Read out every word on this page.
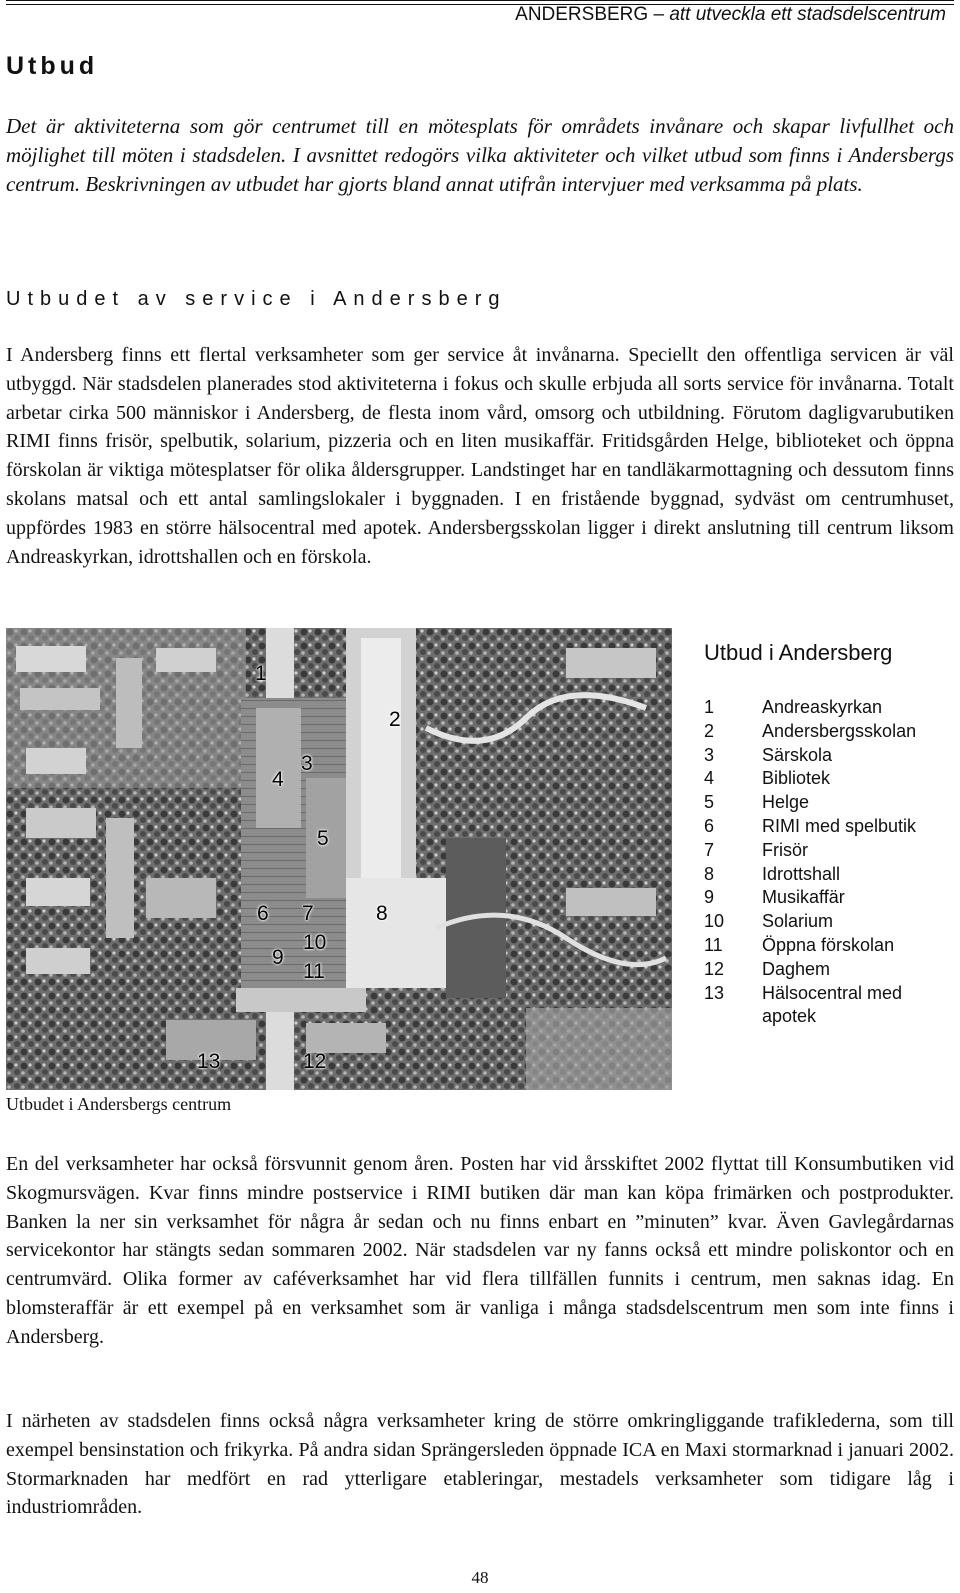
ANDERSBERG – att utveckla ett stadsdelscentrum
Utbud

Det är aktiviteterna som gör centrumet till en mötesplats för områdets invånare och skapar livfullhet och möjlighet till möten i stadsdelen. I avsnittet redogörs vilka aktiviteter och vilket utbud som finns i Andersbergs centrum. Beskrivningen av utbudet har gjorts bland annat utifrån intervjuer med verksamma på plats.

Utbudet av service i Andersberg

I Andersberg finns ett flertal verksamheter som ger service åt invånarna. Speciellt den offentliga servicen är väl utbyggd. När stadsdelen planerades stod aktiviteterna i fokus och skulle erbjuda all sorts service för invånarna. Totalt arbetar cirka 500 människor i Andersberg, de flesta inom vård, omsorg och utbildning. Förutom dagligvarubutiken RIMI finns frisör, spelbutik, solarium, pizzeria och en liten musikaffär. Fritidsgården Helge, biblioteket och öppna förskolan är viktiga mötesplatser för olika åldersgrupper. Landstinget har en tandläkarmottagning och dessutom finns skolans matsal och ett antal samlingslokaler i byggnaden. I en fristående byggnad, sydväst om centrumhuset, uppfördes 1983 en större hälsocentral med apotek. Andersbergsskolan ligger i direkt anslutning till centrum liksom Andreaskyrkan, idrottshallen och en förskola.

1
2
3
4
5
6 7	8
9
10
11
13	12
Utbudet i Andersbergs centrum
Utbud i Andersberg
1	Andreaskyrkan
2	Andersbergsskolan
3	Särskola
4	Bibliotek
5	Helge
6	RIMI med spelbutik
7	Frisör
8	Idrottshall
9	Musikaffär
10	Solarium
11	Öppna förskolan
12	Daghem
13	Hälsocentral med apotek

En del verksamheter har också försvunnit genom åren. Posten har vid årsskiftet 2002 flyttat till Konsumbutiken vid Skogmursvägen. Kvar finns mindre postservice i RIMI butiken där man kan köpa frimärken och postprodukter. Banken la ner sin verksamhet för några år sedan och nu finns enbart en ”minuten” kvar. Även Gavlegårdarnas servicekontor har stängts sedan sommaren 2002. När stadsdelen var ny fanns också ett mindre poliskontor och en centrumvärd. Olika former av caféverksamhet har vid flera tillfällen funnits i centrum, men saknas idag. En blomsteraffär är ett exempel på en verksamhet som är vanliga i många stadsdelscentrum men som inte finns i Andersberg.

I närheten av stadsdelen finns också några verksamheter kring de större omkringliggande trafiklederna, som till exempel bensinstation och frikyrka. På andra sidan Sprängersleden öppnade ICA en Maxi stormarknad i januari 2002. Stormarknaden har medfört en rad ytterligare etableringar, mestadels verksamheter som tidigare låg i industriområden.

48
